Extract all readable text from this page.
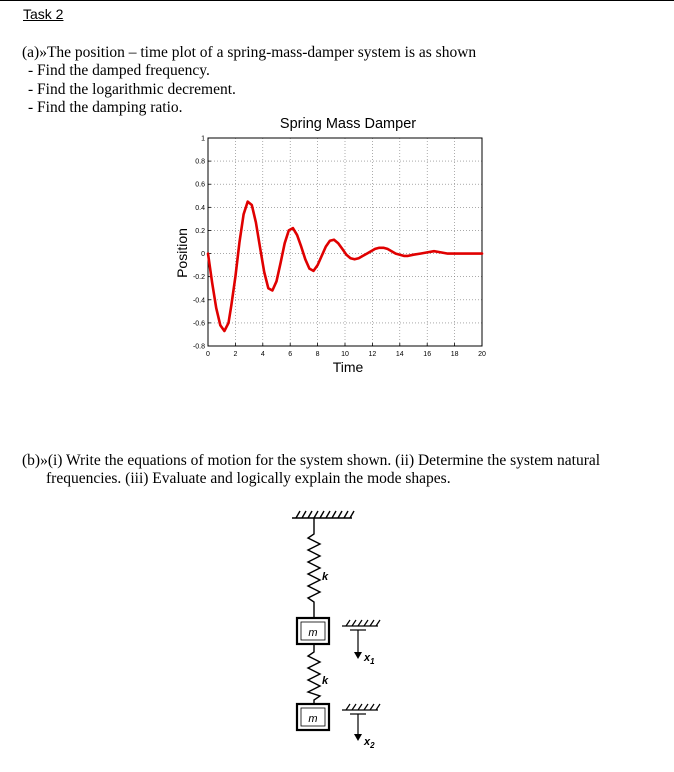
Task 2
(a)»The position – time plot of a spring-mass-damper system is as shown
- Find the damped frequency.
- Find the logarithmic decrement.
- Find the damping ratio.
Spring Mass Damper
0	2	4	6	8	10	12	14	16	18	20
-0.8
-0.6
-0.4
-0.2
0
0.2
0.4
0.6
0.8
1
Time
Position
(b)»(i) Write the equations of motion for the system shown. (ii) Determine the system natural
frequencies. (iii) Evaluate and logically explain the mode shapes.
k
m
k
m
$x_1$
$x_2$
